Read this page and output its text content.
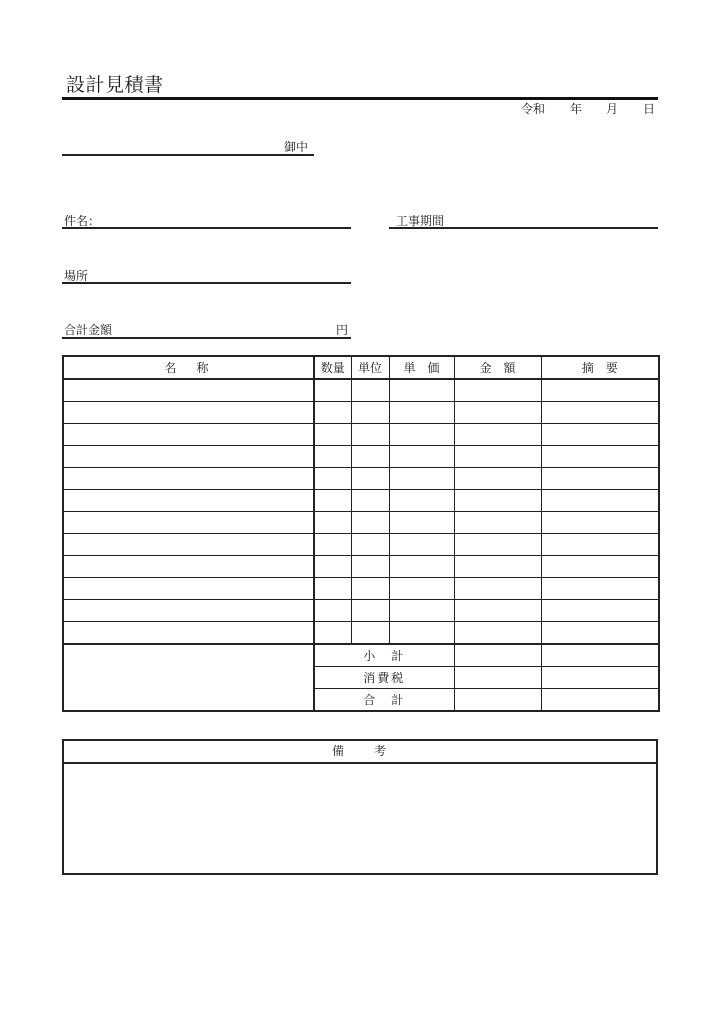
設計見積書
令和 年 月 日
御中
件名：	工事期間
場所
合計金額	円
名　称	数量	単位	単　価	金　額	摘　要

	小　計				
	消費税				
	合　計				
備　　考
